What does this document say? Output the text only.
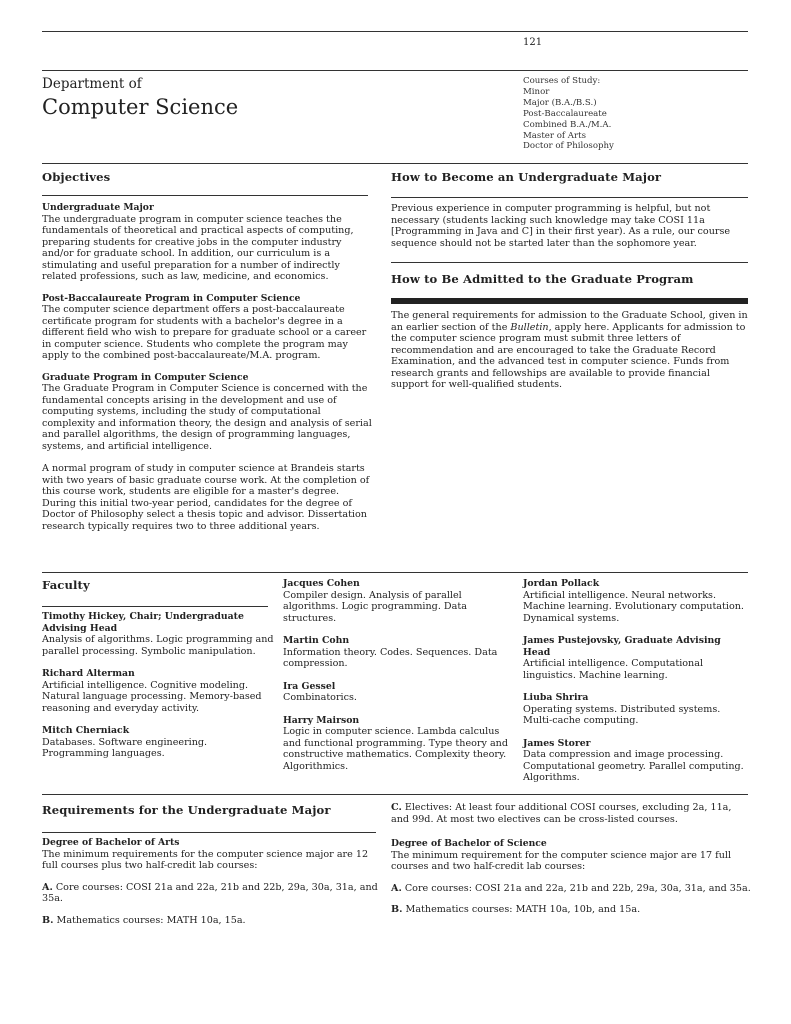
121
Department of
Computer Science
Courses of Study:
Minor
Major (B.A./B.S.)
Post-Baccalaureate
Combined B.A./M.A.
Master of Arts
Doctor of Philosophy
Objectives
Undergraduate Major

The undergraduate program in computer science teaches the fundamentals of theoretical and practical aspects of computing, preparing students for creative jobs in the computer industry and/or for graduate school. In addition, our curriculum is a stimulating and useful preparation for a number of indirectly related professions, such as law, medicine, and economics.

Post-Baccalaureate Program in Computer Science

The computer science department offers a post-baccalaureate certificate program for students with a bachelor's degree in a different field who wish to prepare for graduate school or a career in computer science. Students who complete the program may apply to the combined post-baccalaureate/M.A. program.

Graduate Program in Computer Science

The Graduate Program in Computer Science is concerned with the fundamental concepts arising in the development and use of computing systems, including the study of computational complexity and information theory, the design and analysis of serial and parallel algorithms, the design of programming languages, systems, and artificial intelligence.

A normal program of study in computer science at Brandeis starts with two years of basic graduate course work. At the completion of this course work, students are eligible for a master's degree. During this initial two-year period, candidates for the degree of Doctor of Philosophy select a thesis topic and advisor. Dissertation research typically requires two to three additional years.

How to Become an Undergraduate Major

Previous experience in computer programming is helpful, but not necessary (students lacking such knowledge may take COSI 11a [Programming in Java and C] in their first year). As a rule, our course sequence should not be started later than the sophomore year.

How to Be Admitted to the Graduate Program

The general requirements for admission to the Graduate School, given in an earlier section of the Bulletin, apply here. Applicants for admission to the computer science program must submit three letters of recommendation and are encouraged to take the Graduate Record Examination, and the advanced test in computer science. Funds from research grants and fellowships are available to provide financial support for well-qualified students.

Faculty
Timothy Hickey, Chair; Undergraduate Advising Head
Analysis of algorithms. Logic programming and parallel processing. Symbolic manipulation.
Richard Alterman
Artificial intelligence. Cognitive modeling. Natural language processing. Memory-based reasoning and everyday activity.
Mitch Cherniack
Databases. Software engineering. Programming languages.
Jacques Cohen
Compiler design. Analysis of parallel algorithms. Logic programming. Data structures.
Martin Cohn
Information theory. Codes. Sequences. Data compression.
Ira Gessel
Combinatorics.
Harry Mairson
Logic in computer science. Lambda calculus and functional programming. Type theory and constructive mathematics. Complexity theory. Algorithmics.
Jordan Pollack
Artificial intelligence. Neural networks. Machine learning. Evolutionary computation. Dynamical systems.
James Pustejovsky, Graduate Advising Head
Artificial intelligence. Computational linguistics. Machine learning.
Liuba Shrira
Operating systems. Distributed systems. Multi-cache computing.
James Storer
Data compression and image processing. Computational geometry. Parallel computing. Algorithms.
Requirements for the Undergraduate Major
Degree of Bachelor of Arts

The minimum requirements for the computer science major are 12 full courses plus two half-credit lab courses:

A. Core courses: COSI 21a and 22a, 21b and 22b, 29a, 30a, 31a, and 35a.

B. Mathematics courses: MATH 10a, 15a.

C. Electives: At least four additional COSI courses, excluding 2a, 11a, and 99d. At most two electives can be cross-listed courses.

Degree of Bachelor of Science

The minimum requirement for the computer science major are 17 full courses and two half-credit lab courses:

A. Core courses: COSI 21a and 22a, 21b and 22b, 29a, 30a, 31a, and 35a.

B. Mathematics courses: MATH 10a, 10b, and 15a.
